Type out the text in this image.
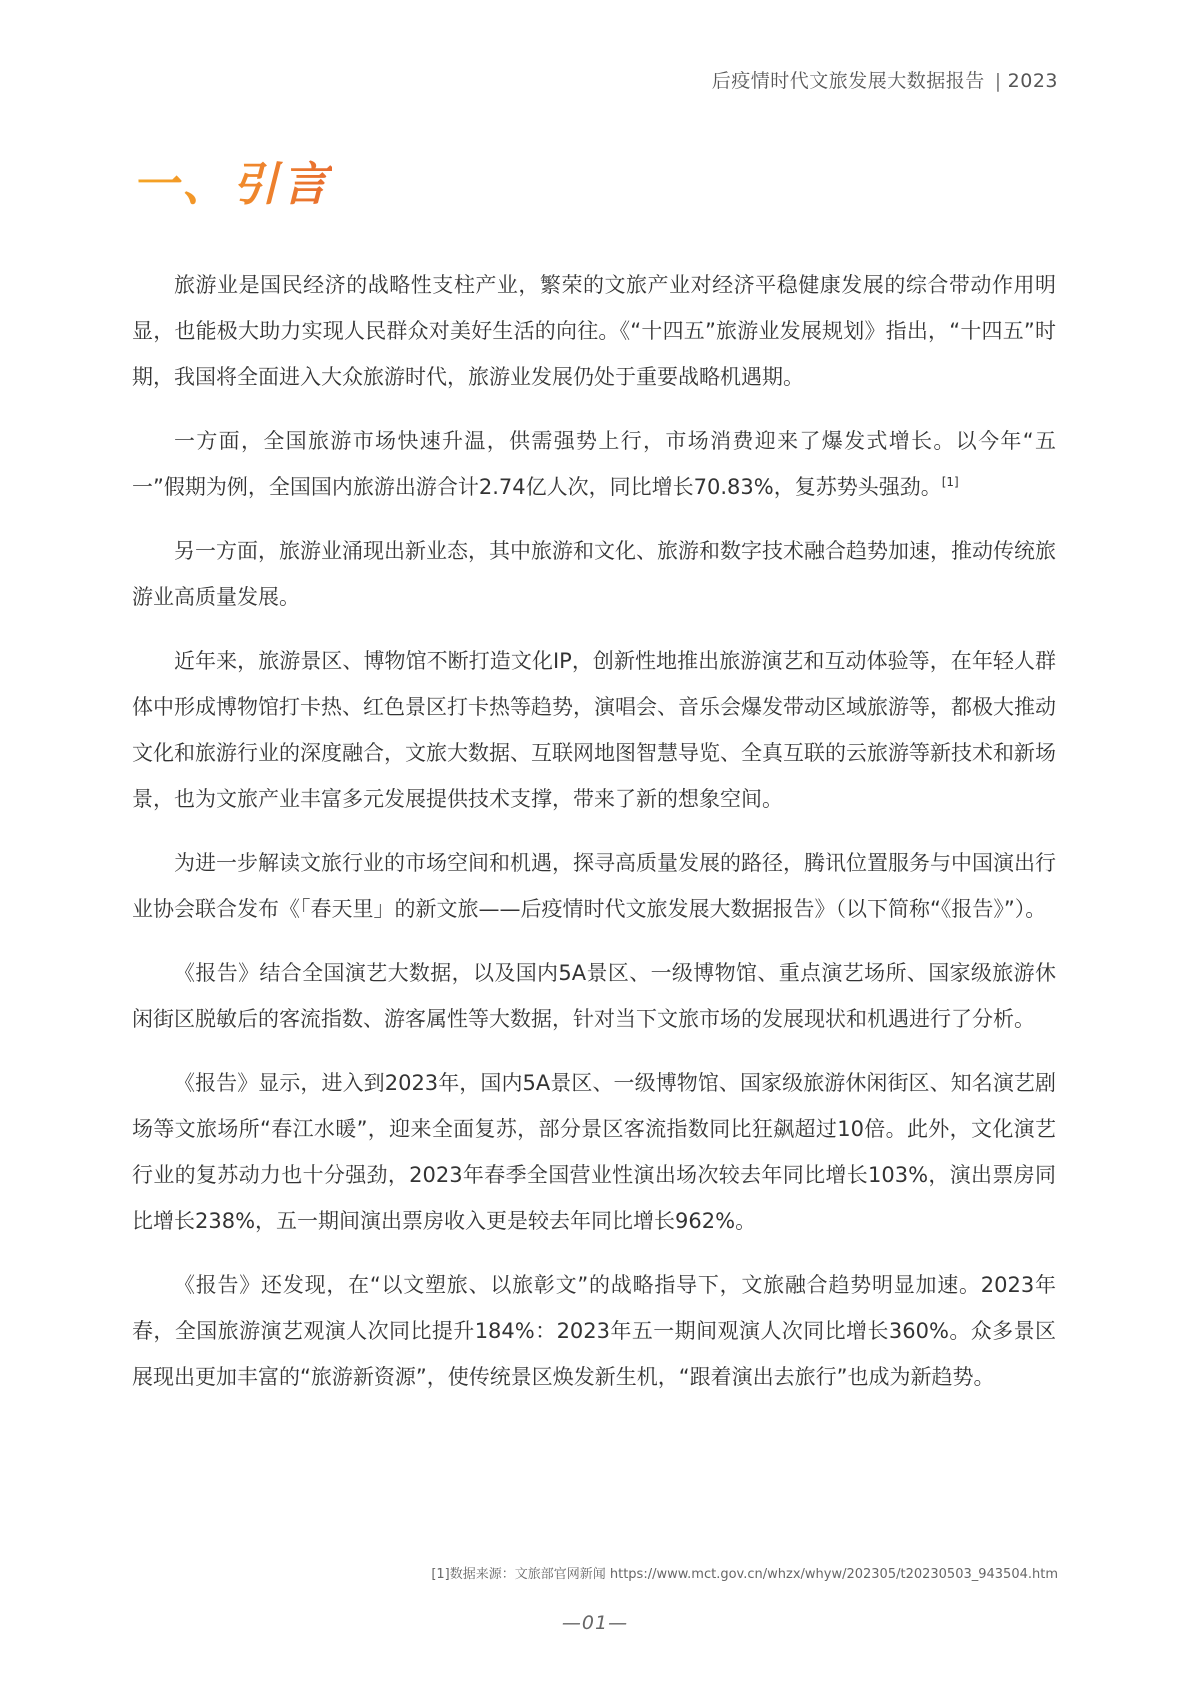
后疫情时代文旅发展大数据报告 | 2023
一、引言

旅游业是国民经济的战略性支柱产业，繁荣的文旅产业对经济平稳健康发展的综合带动作用明显，也能极大助力实现人民群众对美好生活的向往。《“十四五”旅游业发展规划》指出，“十四五”时期，我国将全面进入大众旅游时代，旅游业发展仍处于重要战略机遇期。

一方面，全国旅游市场快速升温，供需强势上行，市场消费迎来了爆发式增长。以今年“五一”假期为例，全国国内旅游出游合计2.74亿人次，同比增长70.83%，复苏势头强劲。[1]

另一方面，旅游业涌现出新业态，其中旅游和文化、旅游和数字技术融合趋势加速，推动传统旅游业高质量发展。

近年来，旅游景区、博物馆不断打造文化IP，创新性地推出旅游演艺和互动体验等，在年轻人群体中形成博物馆打卡热、红色景区打卡热等趋势，演唱会、音乐会爆发带动区域旅游等，都极大推动文化和旅游行业的深度融合，文旅大数据、互联网地图智慧导览、全真互联的云旅游等新技术和新场景，也为文旅产业丰富多元发展提供技术支撑，带来了新的想象空间。

为进一步解读文旅行业的市场空间和机遇，探寻高质量发展的路径，腾讯位置服务与中国演出行业协会联合发布《「春天里」的新文旅——后疫情时代文旅发展大数据报告》（以下简称“《报告》”）。

《报告》结合全国演艺大数据，以及国内5A景区、一级博物馆、重点演艺场所、国家级旅游休闲街区脱敏后的客流指数、游客属性等大数据，针对当下文旅市场的发展现状和机遇进行了分析。

《报告》显示，进入到2023年，国内5A景区、一级博物馆、国家级旅游休闲街区、知名演艺剧场等文旅场所“春江水暖”，迎来全面复苏，部分景区客流指数同比狂飙超过10倍。此外，文化演艺行业的复苏动力也十分强劲，2023年春季全国营业性演出场次较去年同比增长103%，演出票房同比增长238%，五一期间演出票房收入更是较去年同比增长962%。

《报告》还发现，在“以文塑旅、以旅彰文”的战略指导下，文旅融合趋势明显加速。2023年春，全国旅游演艺观演人次同比提升184%：2023年五一期间观演人次同比增长360%。众多景区展现出更加丰富的“旅游新资源”，使传统景区焕发新生机，“跟着演出去旅行”也成为新趋势。

[1]数据来源：文旅部官网新闻 https://www.mct.gov.cn/whzx/whyw/202305/t20230503_943504.htm
—01—
